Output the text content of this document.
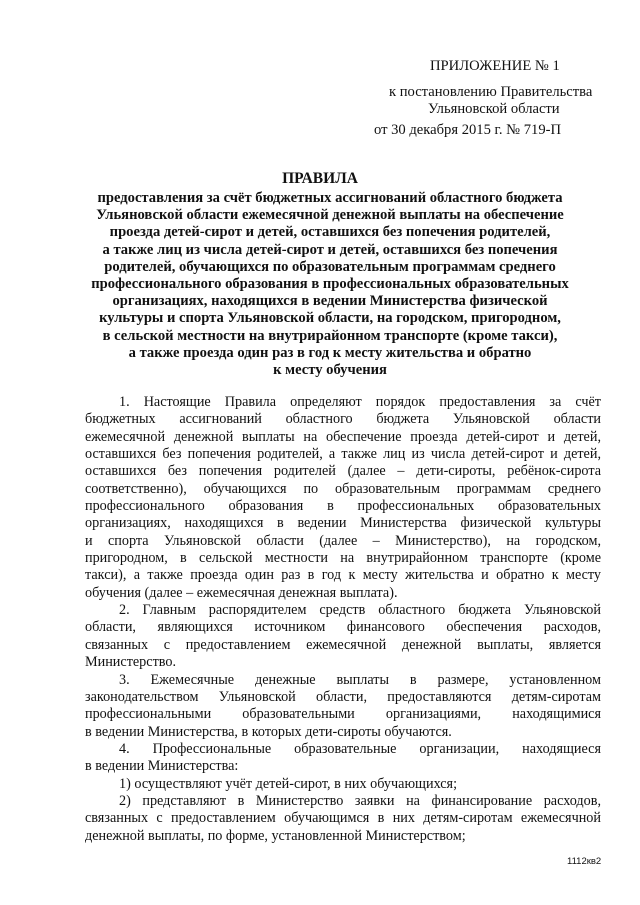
ПРИЛОЖЕНИЕ № 1
к постановлению Правительства
Ульяновской области
от 30 декабря 2015 г. № 719-П
ПРАВИЛА
предоставления за счёт бюджетных ассигнований областного бюджета
Ульяновской области ежемесячной денежной выплаты на обеспечение
проезда детей-сирот и детей, оставшихся без попечения родителей,
а также лиц из числа детей-сирот и детей, оставшихся без попечения
родителей, обучающихся по образовательным программам среднего
профессионального образования в профессиональных образовательных
организациях, находящихся в ведении Министерства физической
культуры и спорта Ульяновской области, на городском, пригородном,
в сельской местности на внутрирайонном транспорте (кроме такси),
а также проезда один раз в год к месту жительства и обратно
к месту обучения
1. Настоящие Правила определяют порядок предоставления за счёт
бюджетных ассигнований областного бюджета Ульяновской области
ежемесячной денежной выплаты на обеспечение проезда детей-сирот и детей,
оставшихся без попечения родителей, а также лиц из числа детей-сирот и детей,
оставшихся без попечения родителей (далее – дети-сироты, ребёнок-сирота
соответственно), обучающихся по образовательным программам среднего
профессионального образования в профессиональных образовательных
организациях, находящихся в ведении Министерства физической культуры
и спорта Ульяновской области (далее – Министерство), на городском,
пригородном, в сельской местности на внутрирайонном транспорте (кроме
такси), а также проезда один раз в год к месту жительства и обратно к месту
обучения (далее – ежемесячная денежная выплата).
2. Главным распорядителем средств областного бюджета Ульяновской
области, являющихся источником финансового обеспечения расходов,
связанных с предоставлением ежемесячной денежной выплаты, является
Министерство.
3. Ежемесячные денежные выплаты в размере, установленном
законодательством Ульяновской области, предоставляются детям-сиротам
профессиональными образовательными организациями, находящимися
в ведении Министерства, в которых дети-сироты обучаются.
4. Профессиональные образовательные организации, находящиеся
в ведении Министерства:
1) осуществляют учёт детей-сирот, в них обучающихся;
2) представляют в Министерство заявки на финансирование расходов,
связанных с предоставлением обучающимся в них детям-сиротам ежемесячной
денежной выплаты, по форме, установленной Министерством;
1112кв2
